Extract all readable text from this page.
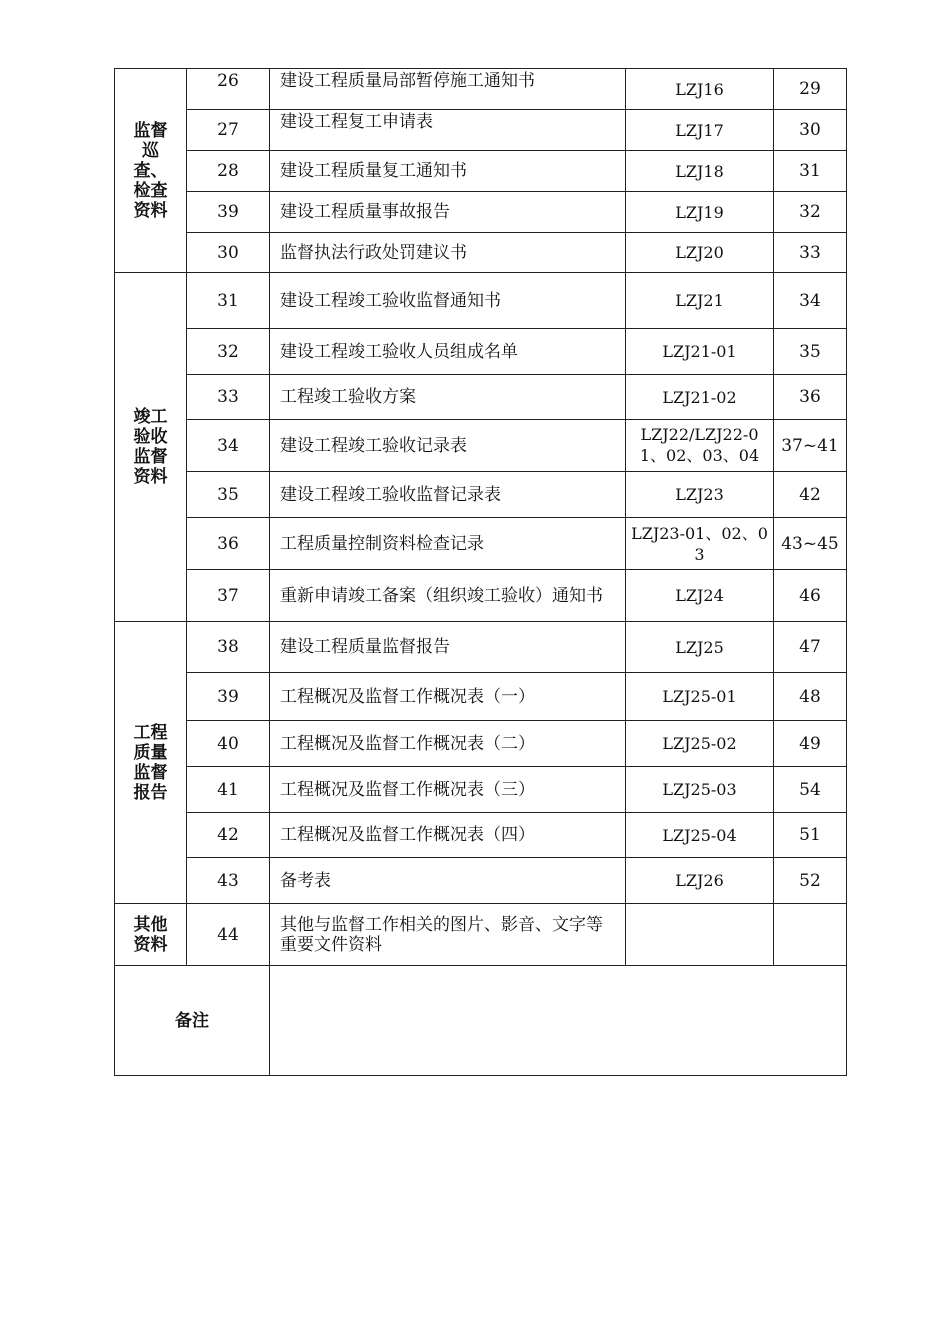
监督巡查、检查资料	26	建设工程质量局部暂停施工通知书	LZJ16	29
	27	建设工程复工申请表	LZJ17	30
	28	建设工程质量复工通知书	LZJ18	31
	39	建设工程质量事故报告	LZJ19	32
	30	监督执法行政处罚建议书	LZJ20	33
竣工验收监督资料	31	建设工程竣工验收监督通知书	LZJ21	34
	32	建设工程竣工验收人员组成名单	LZJ21-01	35
	33	工程竣工验收方案	LZJ21-02	36
	34	建设工程竣工验收记录表	LZJ22/LZJ22-01、02、03、04	37~41
	35	建设工程竣工验收监督记录表	LZJ23	42
	36	工程质量控制资料检查记录	LZJ23-01、02、03	43~45
	37	重新申请竣工备案（组织竣工验收）通知书	LZJ24	46
工程质量监督报告	38	建设工程质量监督报告	LZJ25	47
	39	工程概况及监督工作概况表（一）	LZJ25-01	48
	40	工程概况及监督工作概况表（二）	LZJ25-02	49
	41	工程概况及监督工作概况表（三）	LZJ25-03	54
	42	工程概况及监督工作概况表（四）	LZJ25-04	51
	43	备考表	LZJ26	52
其他资料	44	其他与监督工作相关的图片、影音、文字等重要文件资料		
备注				
